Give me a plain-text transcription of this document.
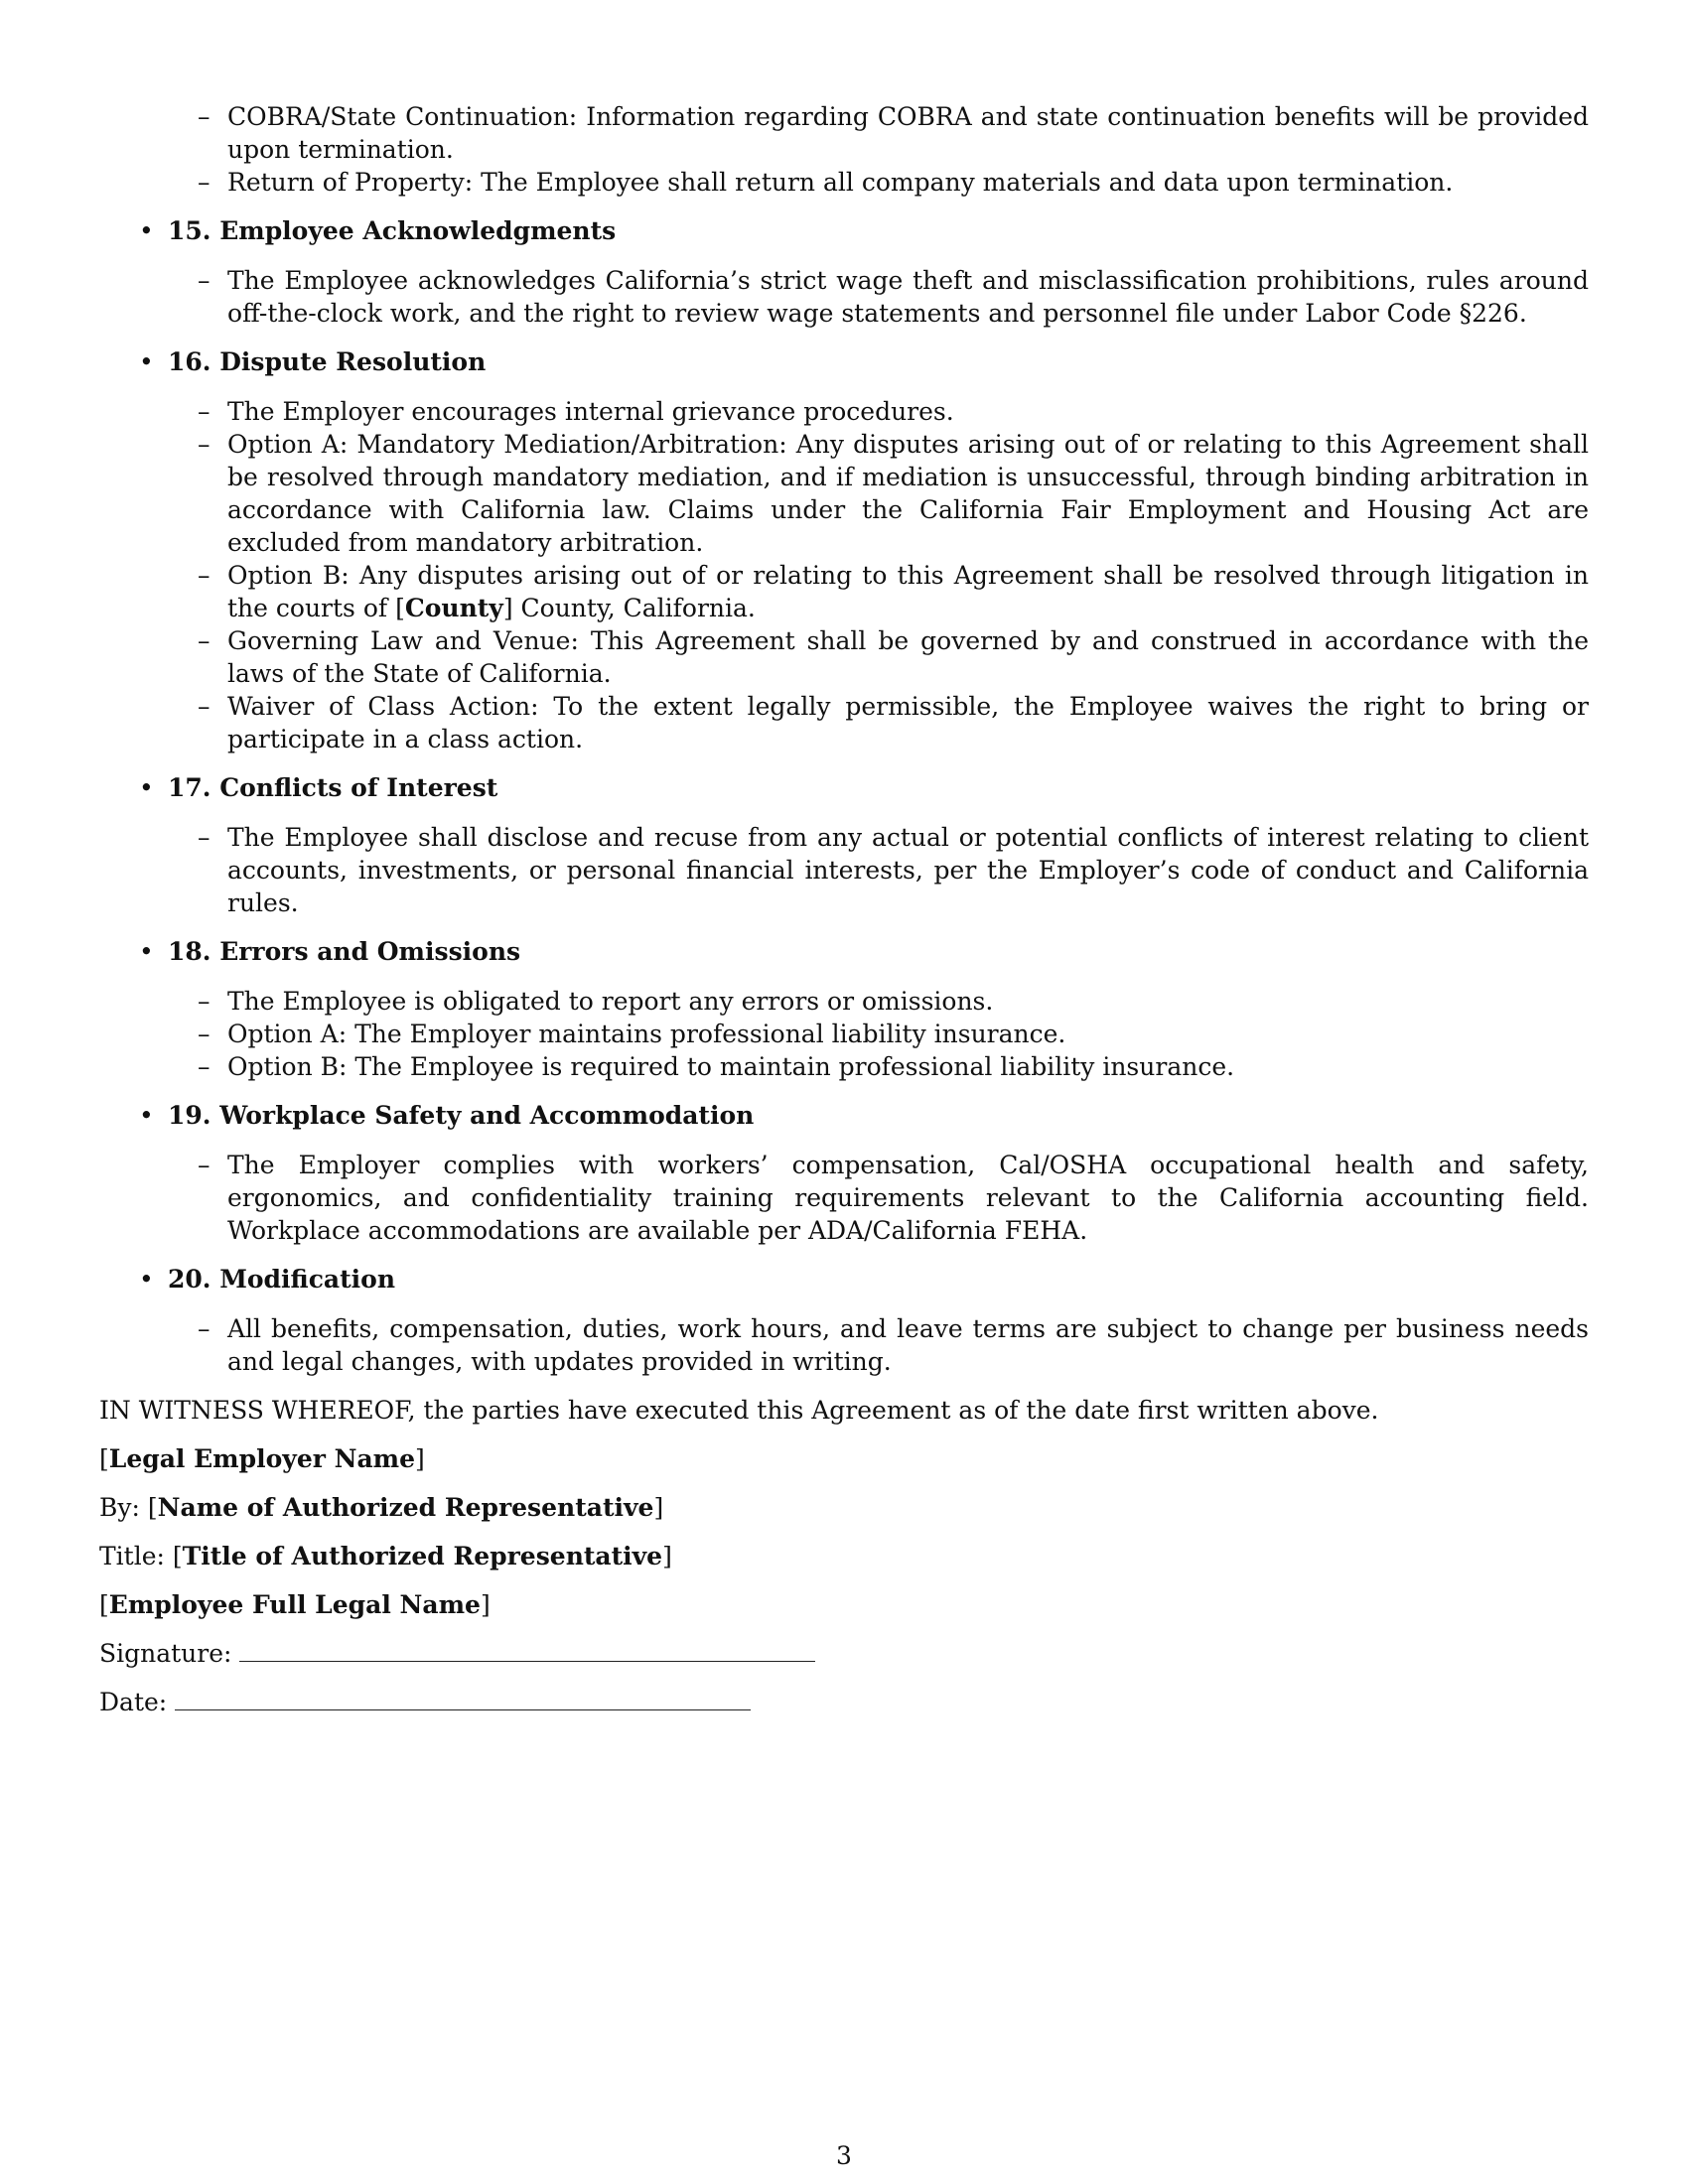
– COBRA/State Continuation: Information regarding COBRA and state continuation benefits will be provided upon termination.
– Return of Property: The Employee shall return all company materials and data upon termination.
• 15. Employee Acknowledgments
– The Employee acknowledges California’s strict wage theft and misclassification prohibitions, rules around off-the-clock work, and the right to review wage statements and personnel file under Labor Code §226.
• 16. Dispute Resolution
– The Employer encourages internal grievance procedures.
– Option A: Mandatory Mediation/Arbitration: Any disputes arising out of or relating to this Agreement shall be resolved through mandatory mediation, and if mediation is unsuccessful, through binding arbitration in accordance with California law. Claims under the California Fair Employment and Housing Act are excluded from mandatory arbitration.
– Option B: Any disputes arising out of or relating to this Agreement shall be resolved through litigation in the courts of [County] County, California.
– Governing Law and Venue: This Agreement shall be governed by and construed in accordance with the laws of the State of California.
– Waiver of Class Action: To the extent legally permissible, the Employee waives the right to bring or participate in a class action.
• 17. Conflicts of Interest
– The Employee shall disclose and recuse from any actual or potential conflicts of interest relating to client accounts, investments, or personal financial interests, per the Employer’s code of conduct and California rules.
• 18. Errors and Omissions
– The Employee is obligated to report any errors or omissions.
– Option A: The Employer maintains professional liability insurance.
– Option B: The Employee is required to maintain professional liability insurance.
• 19. Workplace Safety and Accommodation
– The Employer complies with workers’ compensation, Cal/OSHA occupational health and safety, ergonomics, and confidentiality training requirements relevant to the California accounting field. Workplace accommodations are available per ADA/California FEHA.
• 20. Modification
– All benefits, compensation, duties, work hours, and leave terms are subject to change per business needs and legal changes, with updates provided in writing.

IN WITNESS WHEREOF, the parties have executed this Agreement as of the date first written above.

[Legal Employer Name]

By: [Name of Authorized Representative]

Title: [Title of Authorized Representative]

[Employee Full Legal Name]

Signature:

Date:

3
